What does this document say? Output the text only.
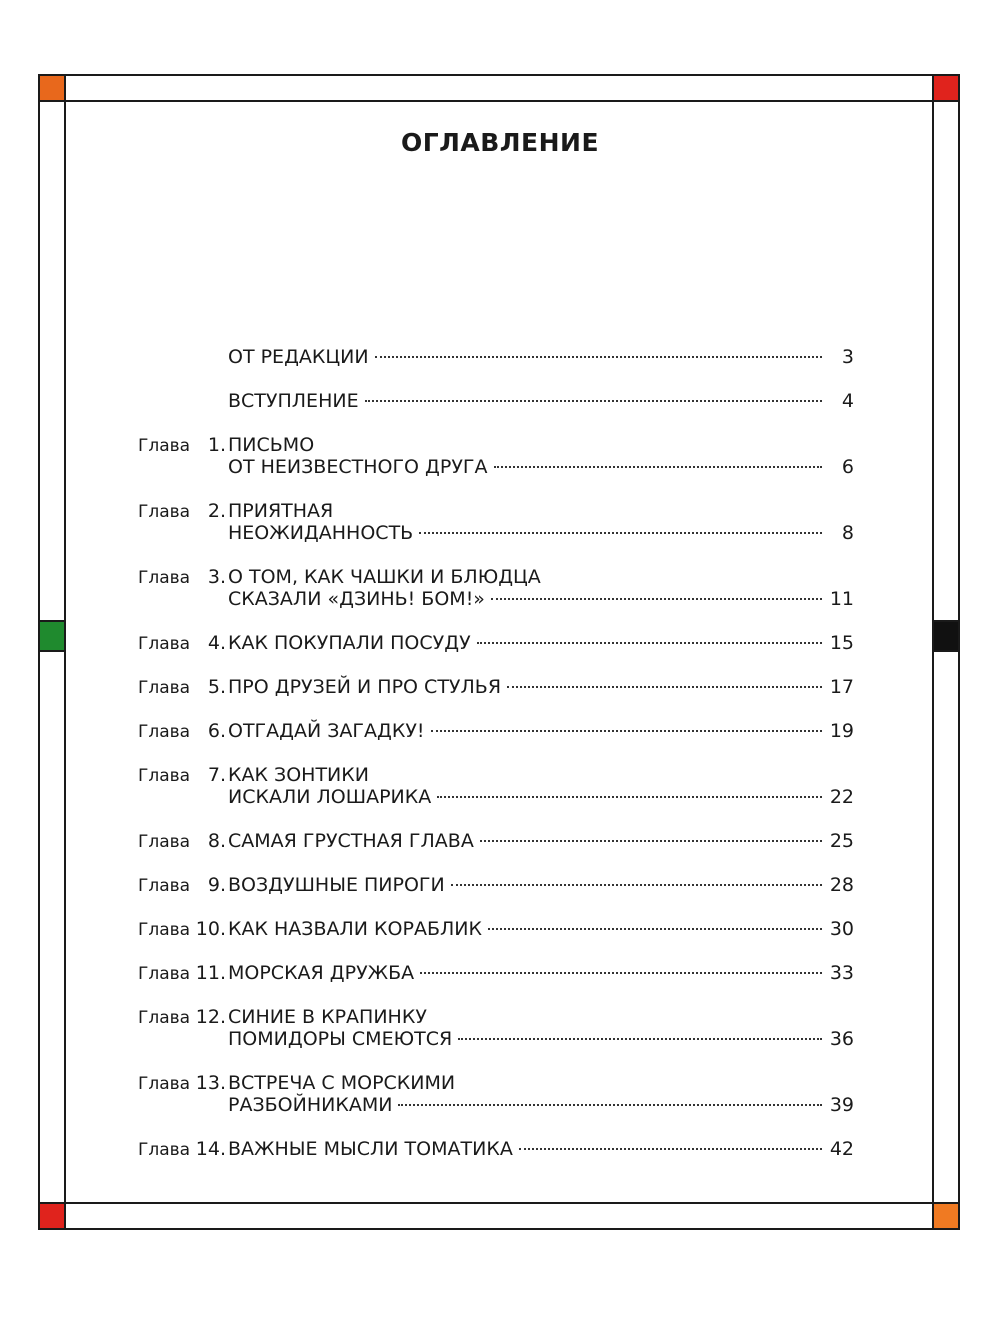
ОГЛАВЛЕНИЕ
ОТ РЕДАКЦИИ	3
ВСТУПЛЕНИЕ	4
Глава 1. ПИСЬМО
ОТ НЕИЗВЕСТНОГО ДРУГА	6
Глава 2. ПРИЯТНАЯ
НЕОЖИДАННОСТЬ	8
Глава 3. О ТОМ, КАК ЧАШКИ И БЛЮДЦА
СКАЗАЛИ «ДЗИНЬ! БОМ!»	11
Глава 4. КАК ПОКУПАЛИ ПОСУДУ	15
Глава 5. ПРО ДРУЗЕЙ И ПРО СТУЛЬЯ	17
Глава 6. ОТГАДАЙ ЗАГАДКУ!	19
Глава 7. КАК ЗОНТИКИ
ИСКАЛИ ЛОШАРИКА	22
Глава 8. САМАЯ ГРУСТНАЯ ГЛАВА	25
Глава 9. ВОЗДУШНЫЕ ПИРОГИ	28
Глава 10. КАК НАЗВАЛИ КОРАБЛИК	30
Глава 11. МОРСКАЯ ДРУЖБА	33
Глава 12. СИНИЕ В КРАПИНКУ
ПОМИДОРЫ СМЕЮТСЯ	36
Глава 13. ВСТРЕЧА С МОРСКИМИ
РАЗБОЙНИКАМИ	39
Глава 14. ВАЖНЫЕ МЫСЛИ ТОМАТИКА	42
